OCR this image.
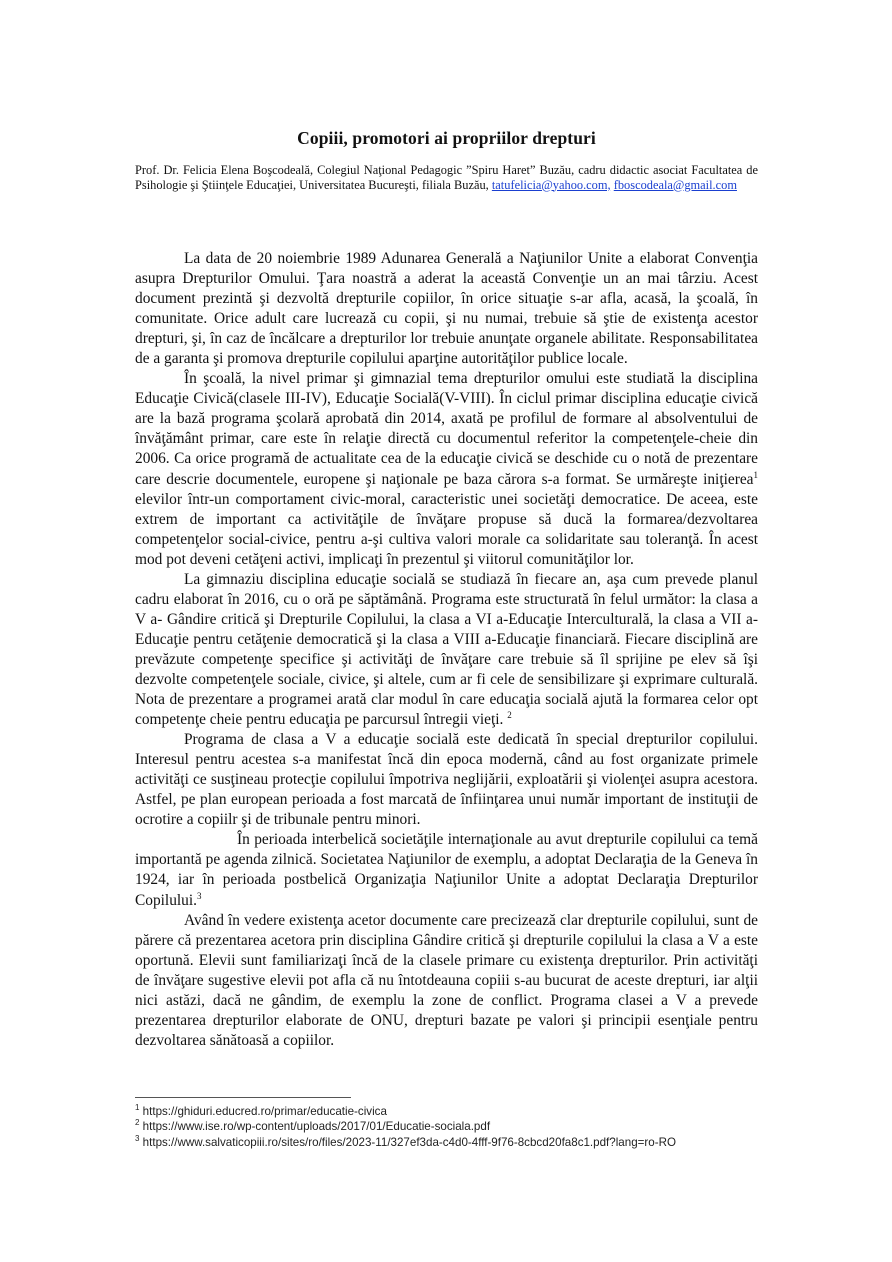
Copiii, promotori ai propriilor drepturi
Prof. Dr. Felicia Elena Boşcodeală, Colegiul Naţional Pedagogic ”Spiru Haret” Buzău, cadru didactic asociat Facultatea de Psihologie şi Ştiinţele Educaţiei, Universitatea Bucureşti, filiala Buzău, tatufelicia@yahoo.com, fboscodeala@gmail.com

La data de 20 noiembrie 1989 Adunarea Generală a Naţiunilor Unite a elaborat Convenţia asupra Drepturilor Omului. Ţara noastră a aderat la această Convenţie un an mai târziu. Acest document prezintă şi dezvoltă drepturile copiilor, în orice situaţie s-ar afla, acasă, la şcoală, în comunitate. Orice adult care lucrează cu copii, şi nu numai, trebuie să ştie de existenţa acestor drepturi, şi, în caz de încălcare a drepturilor lor trebuie anunţate organele abilitate. Responsabilitatea de a garanta şi promova drepturile copilului aparţine autorităţilor publice locale.

În şcoală, la nivel primar şi gimnazial tema drepturilor omului este studiată la disciplina Educaţie Civică(clasele III-IV), Educaţie Socială(V-VIII). În ciclul primar disciplina educaţie civică are la bază programa şcolară aprobată din 2014, axată pe profilul de formare al absolventului de învăţământ primar, care este în relaţie directă cu documentul referitor la competenţele-cheie din 2006. Ca orice programă de actualitate cea de la educaţie civică se deschide cu o notă de prezentare care descrie documentele, europene şi naţionale pe baza cărora s-a format. Se urmăreşte iniţierea$^1$ elevilor într-un comportament civic-moral, caracteristic unei societăţi democratice. De aceea, este extrem de important ca activităţile de învăţare propuse să ducă la formarea/dezvoltarea competenţelor social-civice, pentru a-şi cultiva valori morale ca solidaritate sau toleranţă. În acest mod pot deveni cetăţeni activi, implicaţi în prezentul şi viitorul comunităţilor lor.

La gimnaziu disciplina educaţie socială se studiază în fiecare an, aşa cum prevede planul cadru elaborat în 2016, cu o oră pe săptămână. Programa este structurată în felul următor: la clasa a V a- Gândire critică şi Drepturile Copilului, la clasa a VI a-Educaţie Interculturală, la clasa a VII a-Educaţie pentru cetăţenie democratică şi la clasa a VIII a-Educaţie financiară. Fiecare disciplină are prevăzute competenţe specifice şi activităţi de învăţare care trebuie să îl sprijine pe elev să îşi dezvolte competenţele sociale, civice, şi altele, cum ar fi cele de sensibilizare şi exprimare culturală. Nota de prezentare a programei arată clar modul în care educaţia socială ajută la formarea celor opt competenţe cheie pentru educaţia pe parcursul întregii vieţi. $^2$

Programa de clasa a V a educaţie socială este dedicată în special drepturilor copilului. Interesul pentru acestea s-a manifestat încă din epoca modernă, când au fost organizate primele activităţi ce susţineau protecţie copilului împotriva neglijării, exploatării şi violenţei asupra acestora. Astfel, pe plan european perioada a fost marcată de înfiinţarea unui număr important de instituţii de ocrotire a copiilr şi de tribunale pentru minori.

În perioada interbelică societăţile internaţionale au avut drepturile copilului ca temă importantă pe agenda zilnică. Societatea Naţiunilor de exemplu, a adoptat Declaraţia de la Geneva în 1924, iar în perioada postbelică Organizaţia Naţiunilor Unite a adoptat Declaraţia Drepturilor Copilului.$^3$

Având în vedere existenţa acetor documente care precizează clar drepturile copilului, sunt de părere că prezentarea acetora prin disciplina Gândire critică şi drepturile copilului la clasa a V a este oportună. Elevii sunt familiarizaţi încă de la clasele primare cu existenţa drepturilor. Prin activităţi de învăţare sugestive elevii pot afla că nu întotdeauna copiii s-au bucurat de aceste drepturi, iar alţii nici astăzi, dacă ne gândim, de exemplu la zone de conflict. Programa clasei a V a prevede prezentarea drepturilor elaborate de ONU, drepturi bazate pe valori şi principii esenţiale pentru dezvoltarea sănătoasă a copiilor.

$^1$ https://ghiduri.educred.ro/primar/educatie-civica
$^2$ https://www.ise.ro/wp-content/uploads/2017/01/Educatie-sociala.pdf
$^3$ https://www.salvaticopiii.ro/sites/ro/files/2023-11/327ef3da-c4d0-4fff-9f76-8cbcd20fa8c1.pdf?lang=ro-RO
